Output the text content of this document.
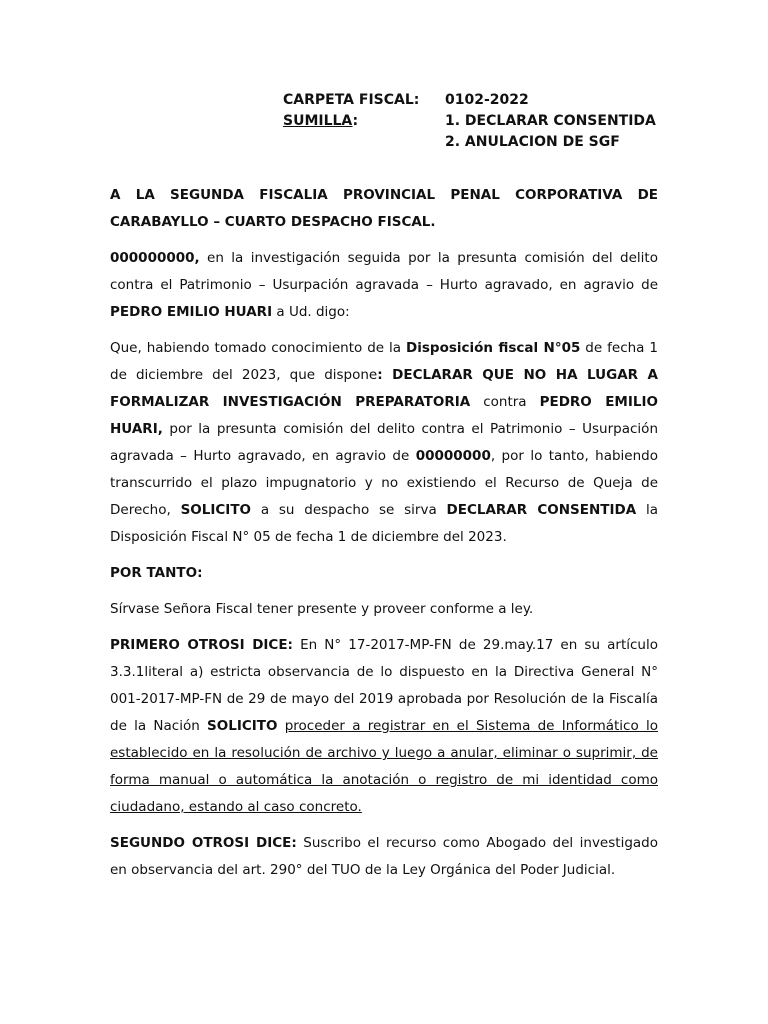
CARPETA FISCAL:	0102-2022
SUMILLA:	1. DECLARAR CONSENTIDA
2. ANULACION DE SGF

A LA SEGUNDA FISCALIA PROVINCIAL PENAL CORPORATIVA DE CARABAYLLO – CUARTO DESPACHO FISCAL.

000000000, en la investigación seguida por la presunta comisión del delito contra el Patrimonio – Usurpación agravada – Hurto agravado, en agravio de PEDRO EMILIO HUARI a Ud. digo:

Que, habiendo tomado conocimiento de la Disposición fiscal N°05 de fecha 1 de diciembre del 2023, que dispone: DECLARAR QUE NO HA LUGAR A FORMALIZAR INVESTIGACIÓN PREPARATORIA contra PEDRO EMILIO HUARI, por la presunta comisión del delito contra el Patrimonio – Usurpación agravada – Hurto agravado, en agravio de 00000000, por lo tanto, habiendo transcurrido el plazo impugnatorio y no existiendo el Recurso de Queja de Derecho, SOLICITO a su despacho se sirva DECLARAR CONSENTIDA la Disposición Fiscal N° 05 de fecha 1 de diciembre del 2023.

POR TANTO:

Sírvase Señora Fiscal tener presente y proveer conforme a ley.

PRIMERO OTROSI DICE: En N° 17-2017-MP-FN de 29.may.17 en su artículo 3.3.1literal a) estricta observancia de lo dispuesto en la Directiva General N° 001-2017-MP-FN de 29 de mayo del 2019 aprobada por Resolución de la Fiscalía de la Nación SOLICITO proceder a registrar en el Sistema de Informático lo establecido en la resolución de archivo y luego a anular, eliminar o suprimir, de forma manual o automática la anotación o registro de mi identidad como ciudadano, estando al caso concreto.

SEGUNDO OTROSI DICE: Suscribo el recurso como Abogado del investigado en observancia del art. 290° del TUO de la Ley Orgánica del Poder Judicial.
